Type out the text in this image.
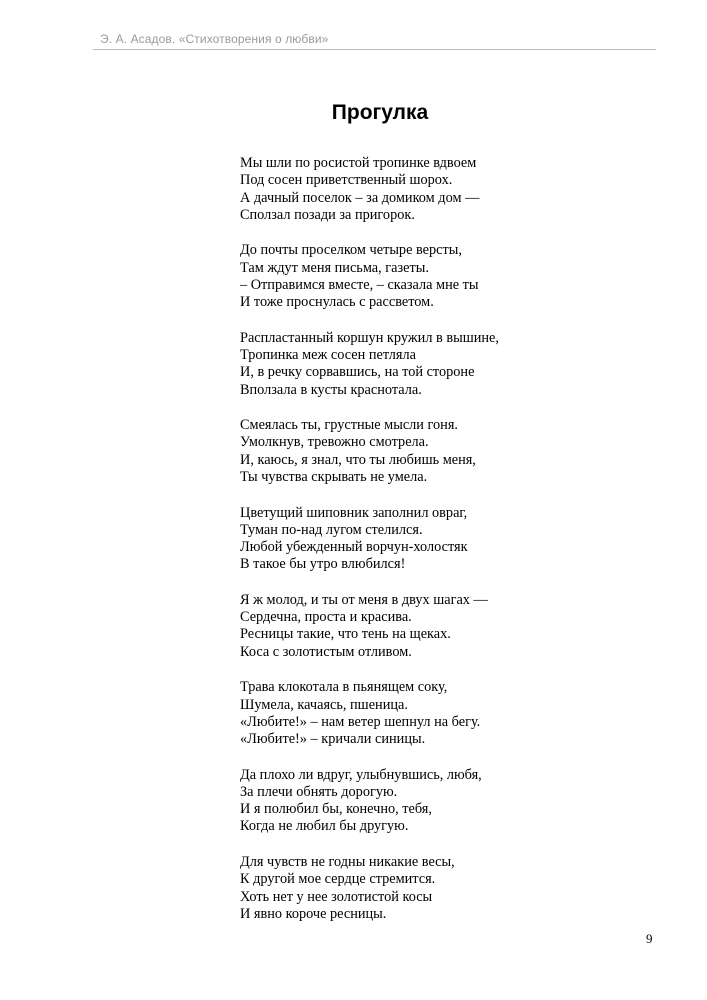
Э. А. Асадов. «Стихотворения о любви»
Прогулка
Мы шли по росистой тропинке вдвоем
Под сосен приветственный шорох.
А дачный поселок – за домиком дом —
Сползал позади за пригорок.
До почты проселком четыре версты,
Там ждут меня письма, газеты.
– Отправимся вместе, – сказала мне ты
И тоже проснулась с рассветом.
Распластанный коршун кружил в вышине,
Тропинка меж сосен петляла
И, в речку сорвавшись, на той стороне
Вползала в кусты краснотала.
Смеялась ты, грустные мысли гоня.
Умолкнув, тревожно смотрела.
И, каюсь, я знал, что ты любишь меня,
Ты чувства скрывать не умела.
Цветущий шиповник заполнил овраг,
Туман по-над лугом стелился.
Любой убежденный ворчун-холостяк
В такое бы утро влюбился!
Я ж молод, и ты от меня в двух шагах —
Сердечна, проста и красива.
Ресницы такие, что тень на щеках.
Коса с золотистым отливом.
Трава клокотала в пьянящем соку,
Шумела, качаясь, пшеница.
«Любите!» – нам ветер шепнул на бегу.
«Любите!» – кричали синицы.
Да плохо ли вдруг, улыбнувшись, любя,
За плечи обнять дорогую.
И я полюбил бы, конечно, тебя,
Когда не любил бы другую.
Для чувств не годны никакие весы,
К другой мое сердце стремится.
Хоть нет у нее золотистой косы
И явно короче ресницы.
9
